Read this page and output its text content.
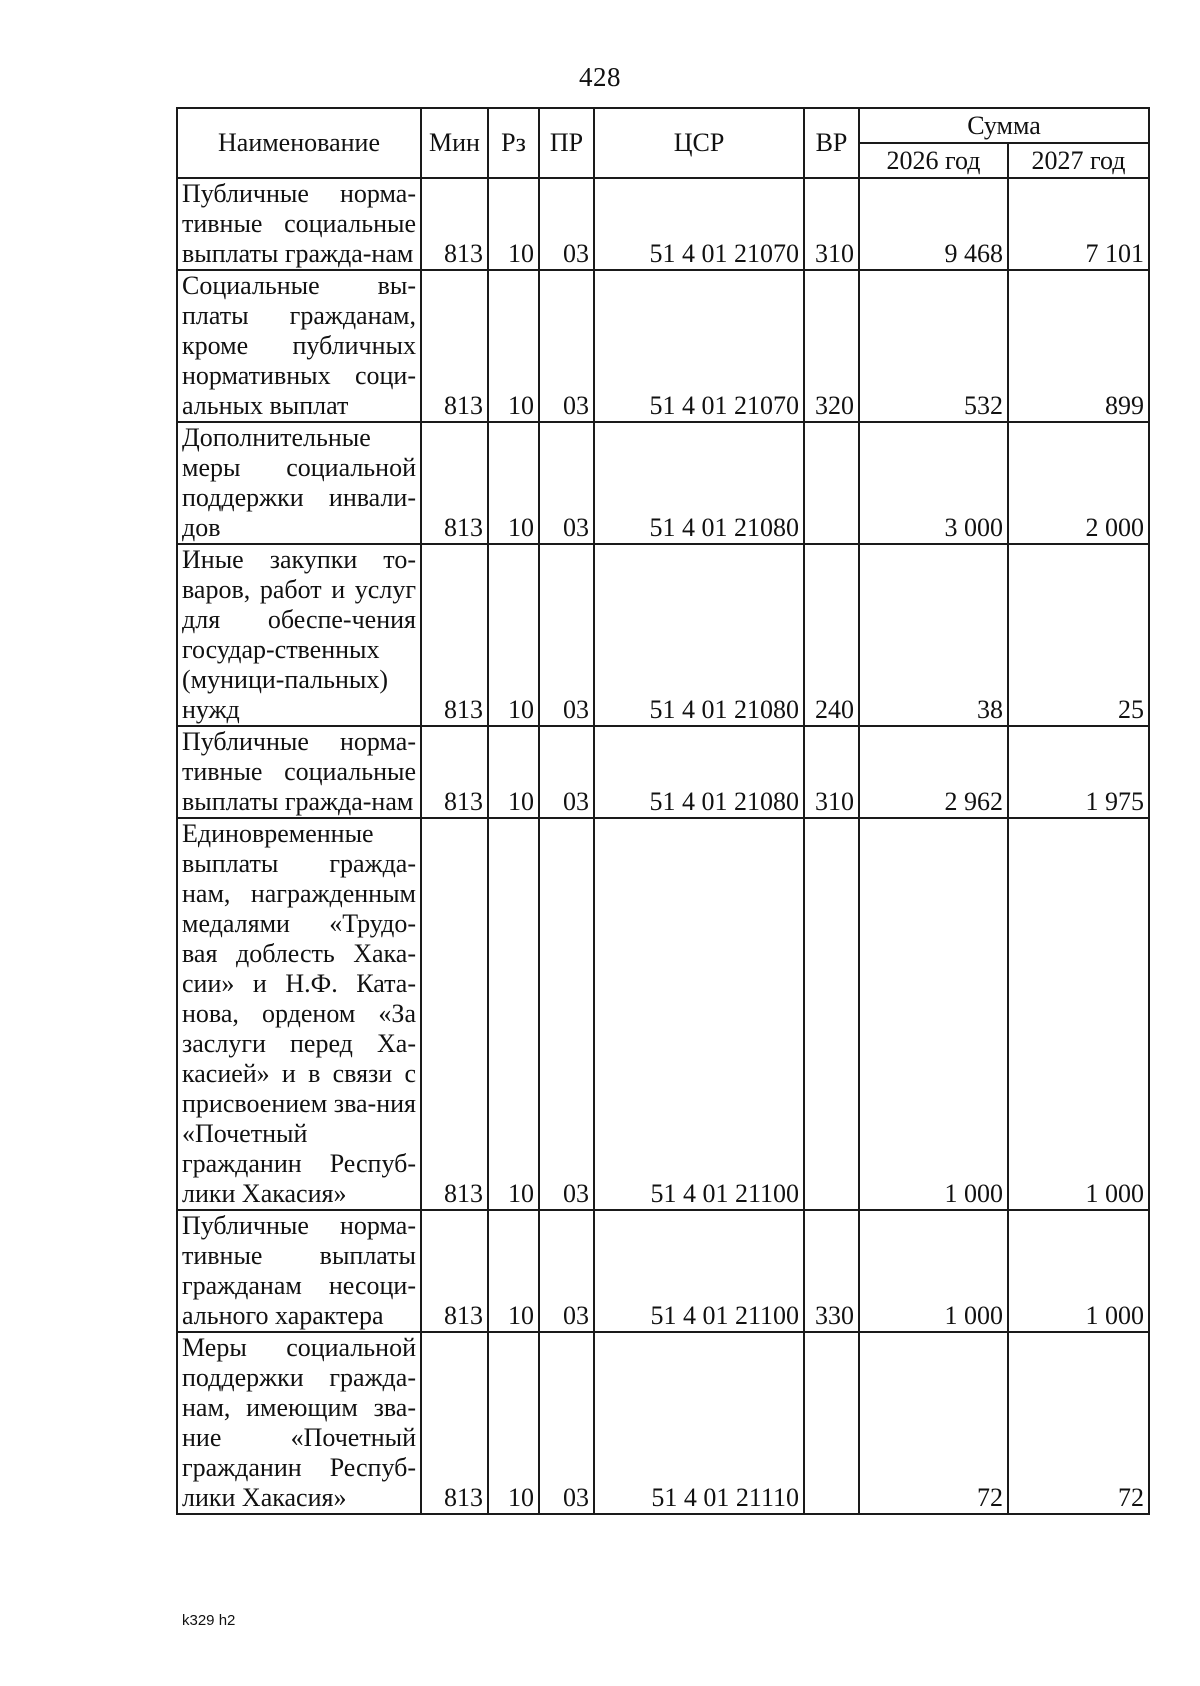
428
Наименование	Мин	Рз	ПР	ЦСР	ВР	Сумма	
						2026 год	2027 год
Публичные норма-тивные социальные выплаты гражда-нам	813	10	03	51 4 01 21070	310	9 468	7 101
Социальные вы-платы гражданам, кроме публичных нормативных соци-альных выплат	813	10	03	51 4 01 21070	320	532	899
Дополнительные меры социальной поддержки инвали-дов	813	10	03	51 4 01 21080		3 000	2 000
Иные закупки то-варов, работ и услуг для обеспе-чения государ-ственных (муници-пальных) нужд	813	10	03	51 4 01 21080	240	38	25
Публичные норма-тивные социальные выплаты гражда-нам	813	10	03	51 4 01 21080	310	2 962	1 975
Единовременные выплаты гражда-нам, награжденным медалями «Трудо-вая доблесть Хака-сии» и Н.Ф. Ката-нова, орденом «За заслуги перед Ха-касией» и в связи с присвоением зва-ния «Почетный гражданин Респуб-лики Хакасия»	813	10	03	51 4 01 21100		1 000	1 000
Публичные норма-тивные выплаты гражданам несоци-ального характера	813	10	03	51 4 01 21100	330	1 000	1 000
Меры социальной поддержки гражда-нам, имеющим зва-ние «Почетный гражданин Респуб-лики Хакасия»	813	10	03	51 4 01 21110		72	72
k329 h2
